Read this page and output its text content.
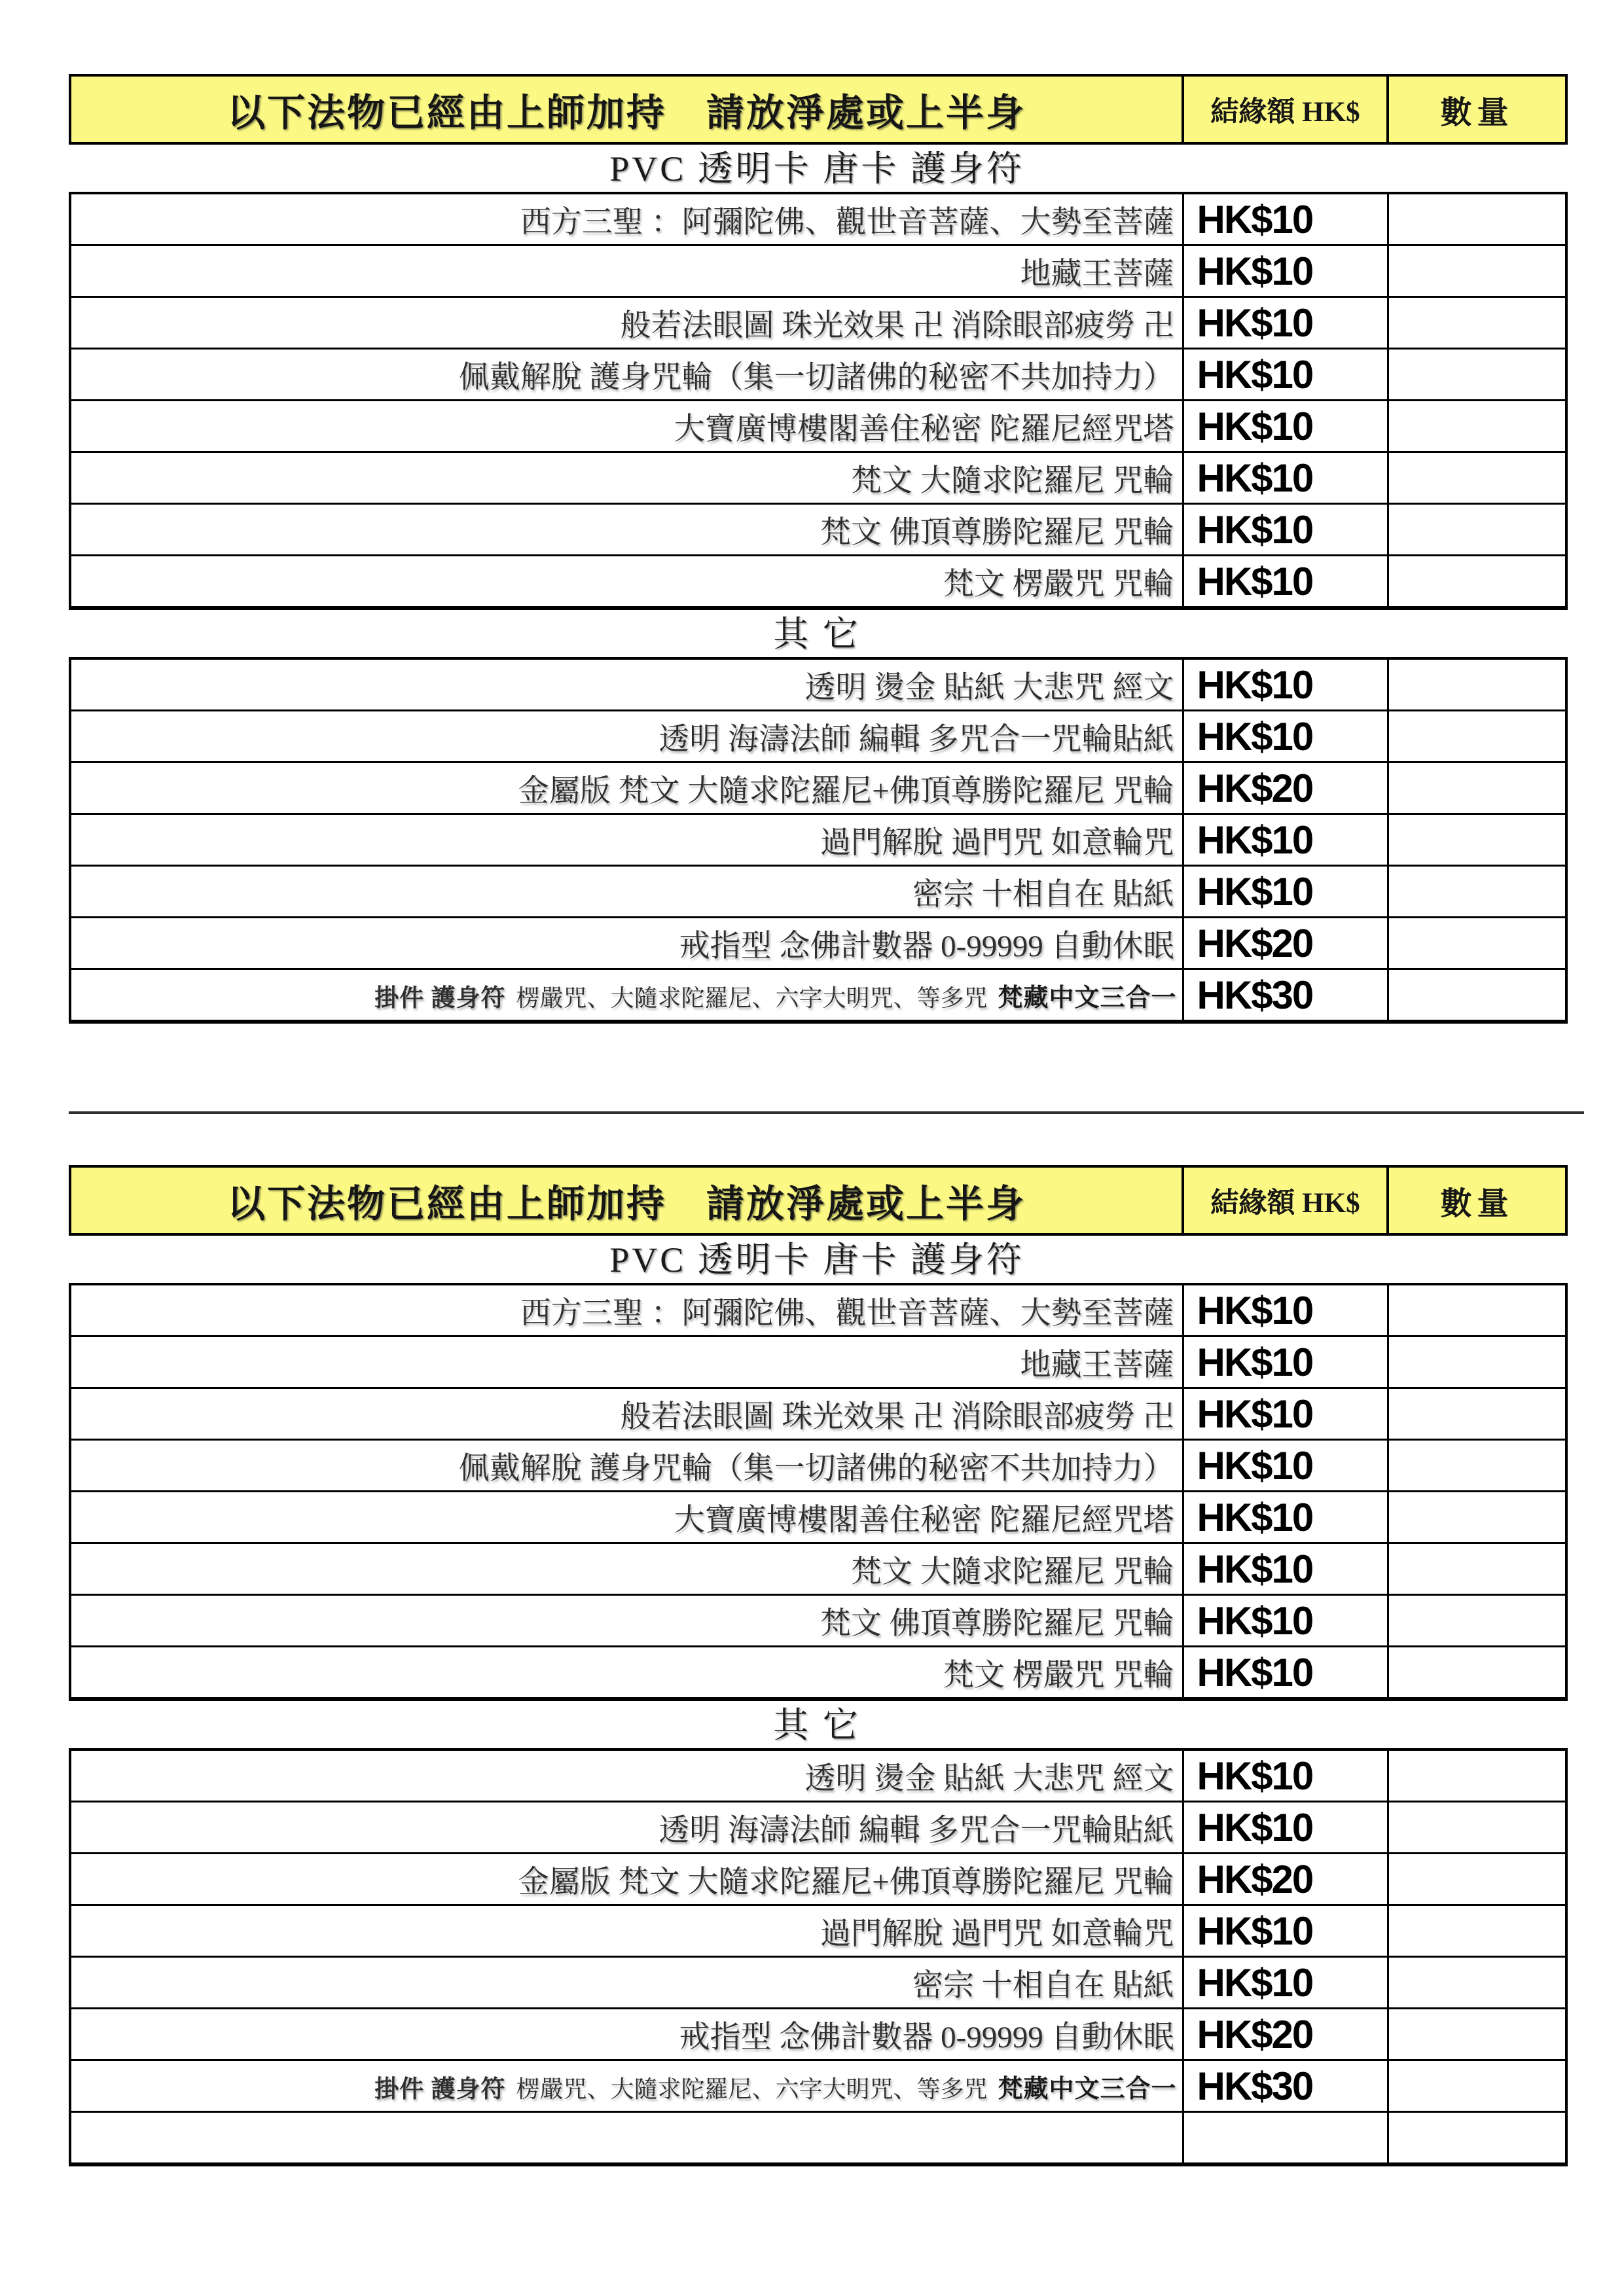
以下法物已經由上師加持　請放淨處或上半身	結緣額 HK$	數量
PVC 透明卡 唐卡 護身符
西方三聖 ：阿彌陀佛、觀世音菩薩、大勢至菩薩	HK$10	
地藏王菩薩	HK$10	
般若法眼圖 珠光效果 卍 消除眼部疲勞 卍	HK$10	
佩戴解脫 護身咒輪（集一切諸佛的秘密不共加持力）	HK$10	
大寶廣博樓閣善住秘密 陀羅尼經咒塔	HK$10	
梵文 大隨求陀羅尼 咒輪	HK$10	
梵文 佛頂尊勝陀羅尼 咒輪	HK$10	
梵文 楞嚴咒 咒輪	HK$10	
其 它
透明 燙金 貼紙 大悲咒 經文	HK$10	
透明 海濤法師 編輯 多咒合一咒輪貼紙	HK$10	
金屬版 梵文 大隨求陀羅尼+佛頂尊勝陀羅尼 咒輪	HK$20	
過門解脫 過門咒 如意輪咒	HK$10	
密宗 十相自在 貼紙	HK$10	
戒指型 念佛計數器 0-99999 自動休眠	HK$20	
掛件 護身符 楞嚴咒、大隨求陀羅尼、六字大明咒、等多咒 梵藏中文三合一	HK$30	
以下法物已經由上師加持　請放淨處或上半身	結緣額 HK$	數量
PVC 透明卡 唐卡 護身符
西方三聖 ：阿彌陀佛、觀世音菩薩、大勢至菩薩	HK$10	
地藏王菩薩	HK$10	
般若法眼圖 珠光效果 卍 消除眼部疲勞 卍	HK$10	
佩戴解脫 護身咒輪（集一切諸佛的秘密不共加持力）	HK$10	
大寶廣博樓閣善住秘密 陀羅尼經咒塔	HK$10	
梵文 大隨求陀羅尼 咒輪	HK$10	
梵文 佛頂尊勝陀羅尼 咒輪	HK$10	
梵文 楞嚴咒 咒輪	HK$10	
其 它
透明 燙金 貼紙 大悲咒 經文	HK$10	
透明 海濤法師 編輯 多咒合一咒輪貼紙	HK$10	
金屬版 梵文 大隨求陀羅尼+佛頂尊勝陀羅尼 咒輪	HK$20	
過門解脫 過門咒 如意輪咒	HK$10	
密宗 十相自在 貼紙	HK$10	
戒指型 念佛計數器 0-99999 自動休眠	HK$20	
掛件 護身符 楞嚴咒、大隨求陀羅尼、六字大明咒、等多咒 梵藏中文三合一	HK$30	
